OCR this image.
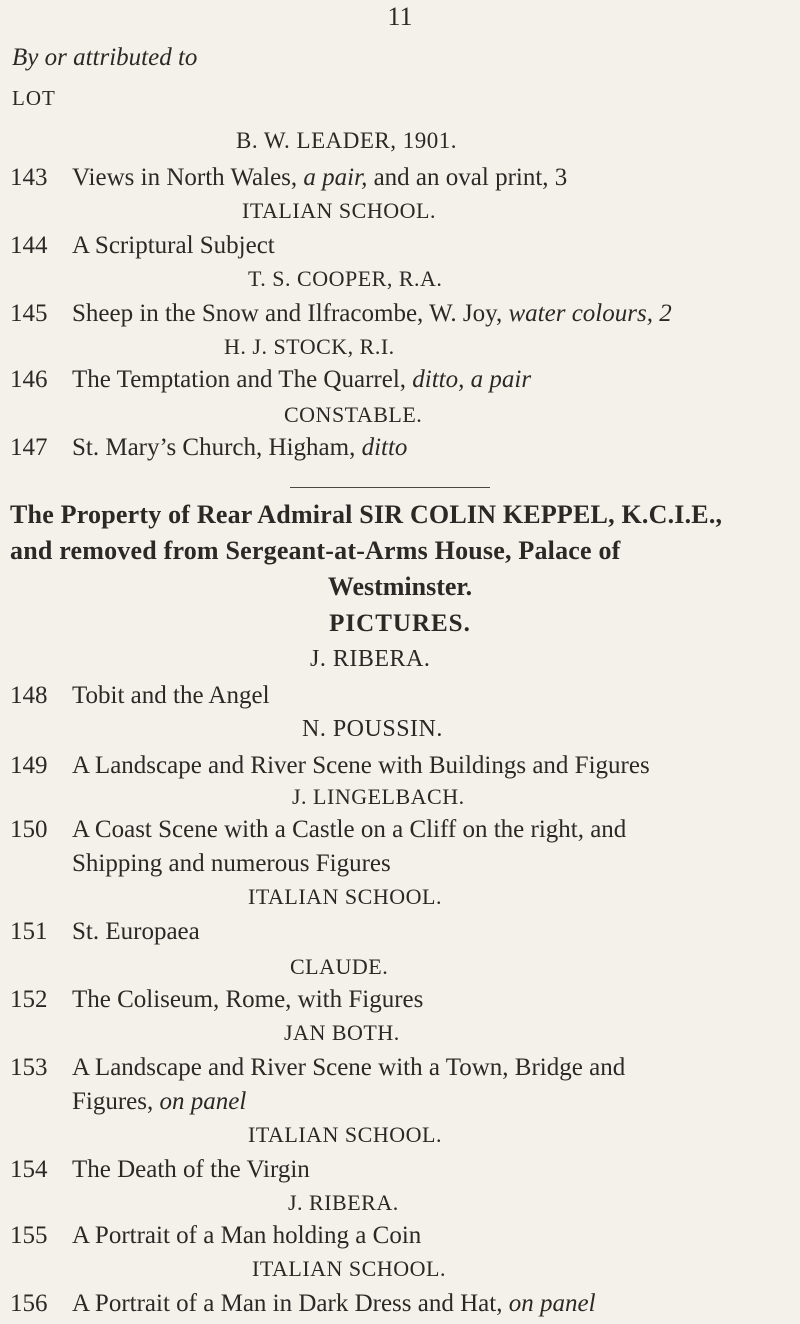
11
By or attributed to
LOT
B. W. LEADER, 1901.
143 Views in North Wales, a pair, and an oval print, 3
ITALIAN SCHOOL.
144 A Scriptural Subject
T. S. COOPER, R.A.
145 Sheep in the Snow and Ilfracombe, W. Joy, water colours, 2
H. J. STOCK, R.I.
146 The Temptation and The Quarrel, ditto, a pair
CONSTABLE.
147 St. Mary’s Church, Higham, ditto
The Property of Rear Admiral SIR COLIN KEPPEL, K.C.I.E.,
and removed from Sergeant-at-Arms House, Palace of
Westminster.
PICTURES.
J. RIBERA.
148 Tobit and the Angel
N. POUSSIN.
149 A Landscape and River Scene with Buildings and Figures
J. LINGELBACH.
150 A Coast Scene with a Castle on a Cliff on the right, and
Shipping and numerous Figures
ITALIAN SCHOOL.
151 St. Europaea
CLAUDE.
152 The Coliseum, Rome, with Figures
JAN BOTH.
153 A Landscape and River Scene with a Town, Bridge and
Figures, on panel
ITALIAN SCHOOL.
154 The Death of the Virgin
J. RIBERA.
155 A Portrait of a Man holding a Coin
ITALIAN SCHOOL.
156 A Portrait of a Man in Dark Dress and Hat, on panel
